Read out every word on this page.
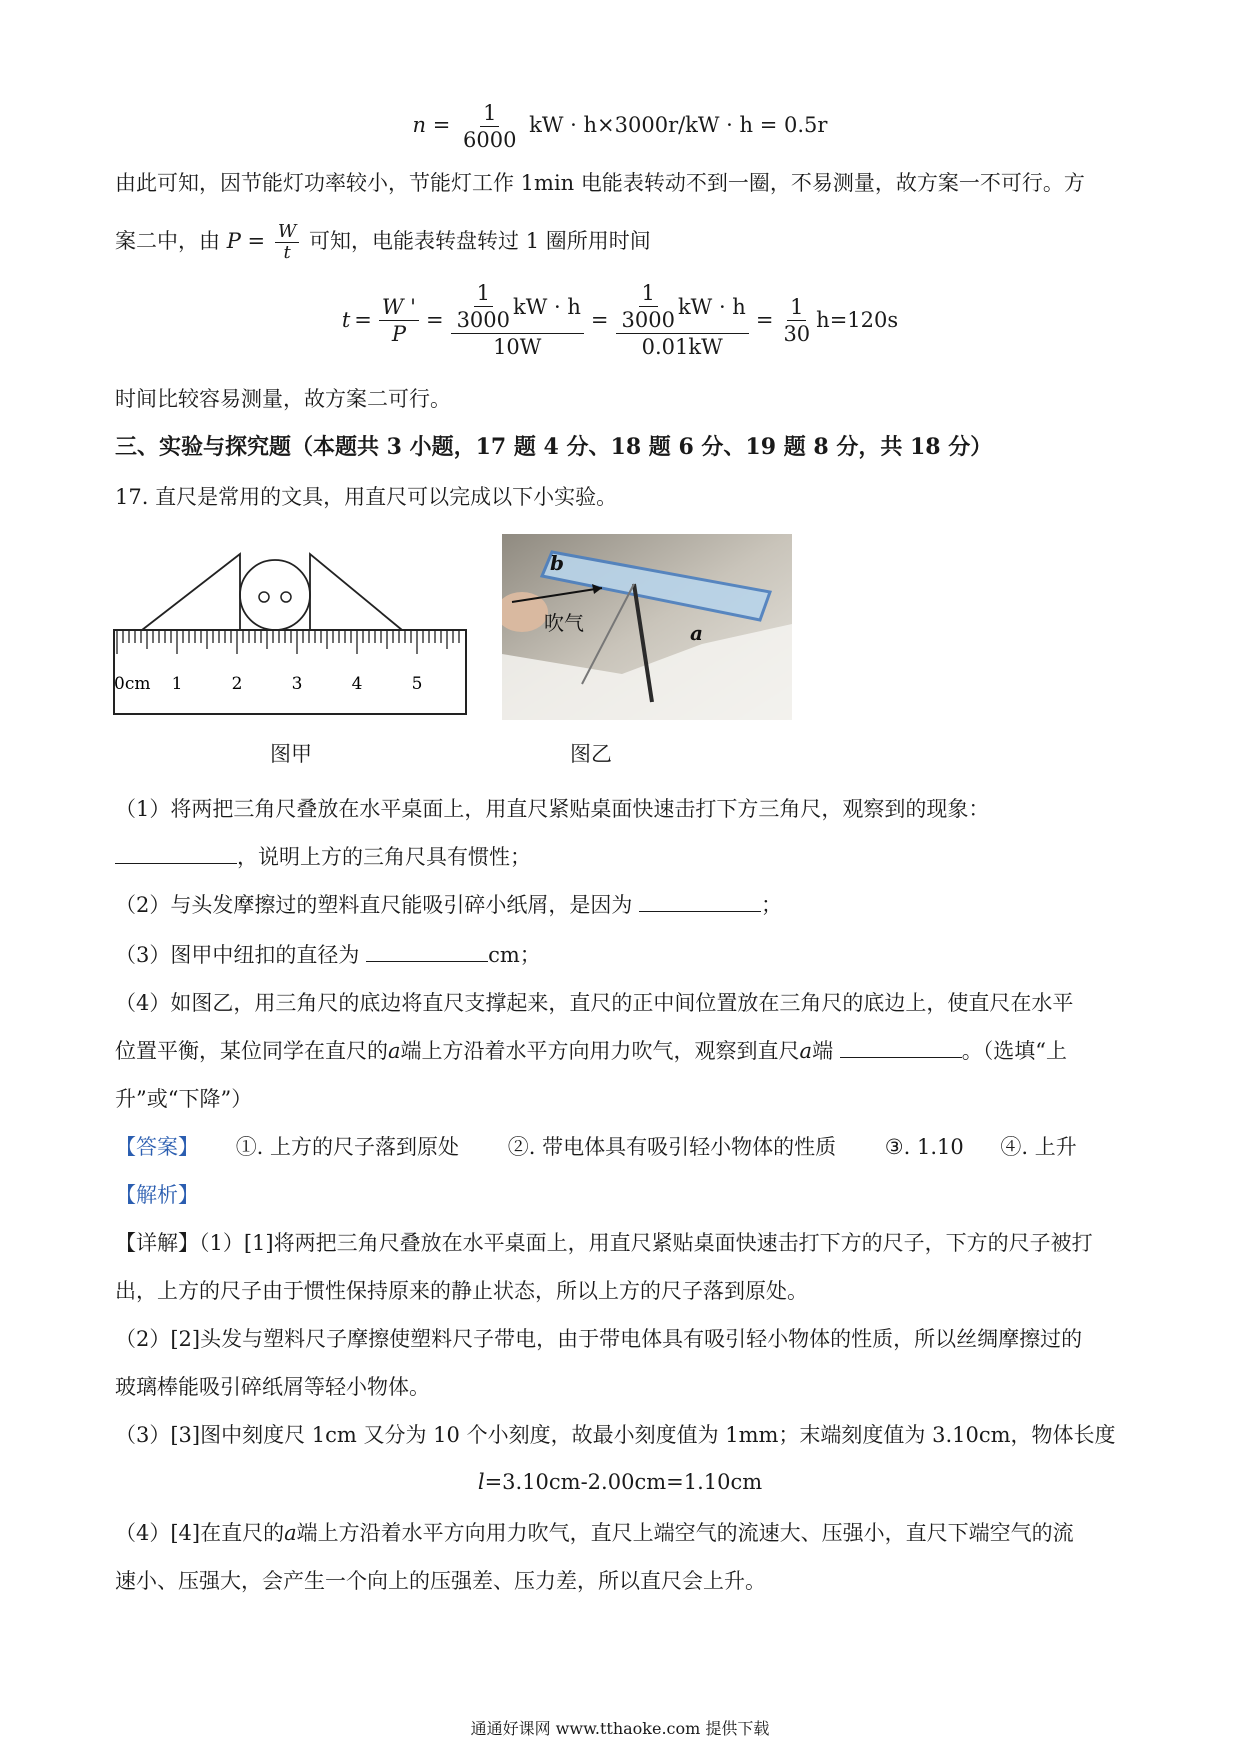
$n = \frac{1}{6000}$ kW · h×3000r/kW · h = 0.5r
由此可知，因节能灯功率较小，节能灯工作 1min 电能表转动不到一圈，不易测量，故方案一不可行。方
案二中，由 $P = \frac{W}{t}$ 可知，电能表转盘转过 1 圈所用时间
$t = \frac{W '}{P} = \frac{\frac{1}{3000} kW \cdot h}{10W} = \frac{\frac{1}{3000} kW \cdot h}{0.01kW} = \frac{1}{30} h=120s$
时间比较容易测量，故方案二可行。
三、实验与探究题（本题共 3 小题，17 题 4 分、18 题 6 分、19 题 8 分，共 18 分）
17. 直尺是常用的文具，用直尺可以完成以下小实验。
0cm 1	2	3	4	5
图甲
b
a
吹气
图乙
（1）将两把三角尺叠放在水平桌面上，用直尺紧贴桌面快速击打下方三角尺，观察到的现象：
，说明上方的三角尺具有惯性；
（2）与头发摩擦过的塑料直尺能吸引碎小纸屑，是因为	；
（3）图甲中纽扣的直径为	cm；
（4）如图乙，用三角尺的底边将直尺支撑起来，直尺的正中间位置放在三角尺的底边上，使直尺在水平
位置平衡，某位同学在直尺的a端上方沿着水平方向用力吹气，观察到直尺a端	。（选填“上
升”或“下降”）
【答案】 ①. 上方的尺子落到原处 ②. 带电体具有吸引轻小物体的性质 ③. 1.10 ④. 上升
【解析】
【详解】（1）[1]将两把三角尺叠放在水平桌面上，用直尺紧贴桌面快速击打下方的尺子，下方的尺子被打
出，上方的尺子由于惯性保持原来的静止状态，所以上方的尺子落到原处。
（2）[2]头发与塑料尺子摩擦使塑料尺子带电，由于带电体具有吸引轻小物体的性质，所以丝绸摩擦过的
玻璃棒能吸引碎纸屑等轻小物体。
（3）[3]图中刻度尺 1cm 又分为 10 个小刻度，故最小刻度值为 1mm；末端刻度值为 3.10cm，物体长度
l=3.10cm-2.00cm=1.10cm
（4）[4]在直尺的a端上方沿着水平方向用力吹气，直尺上端空气的流速大、压强小，直尺下端空气的流
速小、压强大，会产生一个向上的压强差、压力差，所以直尺会上升。
通通好课网 www.tthaoke.com 提供下载
